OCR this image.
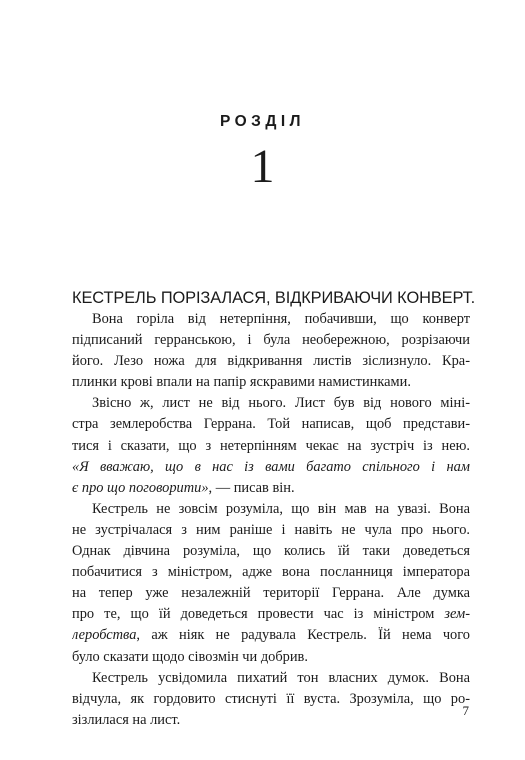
РОЗДІЛ
1
КЕСТРЕЛЬ ПОРІЗАЛАСЯ, ВІДКРИВАЮЧИ КОНВЕРТ.
Вона горіла від нетерпіння, побачивши, що конверт
підписаний герранською, і була необережною, розрізаючи
його. Лезо ножа для відкривання листів зіслизнуло. Кра-
плинки крові впали на папір яскравими намистинками.
Звісно ж, лист не від нього. Лист був від нового міні-
стра землеробства Геррана. Той написав, щоб представи-
тися і сказати, що з нетерпінням чекає на зустріч із нею.
«Я вважаю, що в нас із вами багато спільного і нам
є про що поговорити», — писав він.
Кестрель не зовсім розуміла, що він мав на увазі. Вона
не зустрічалася з ним раніше і навіть не чула про нього.
Однак дівчина розуміла, що колись їй таки доведеться
побачитися з міністром, адже вона посланниця імператора
на тепер уже незалежній території Геррана. Але думка
про те, що їй доведеться провести час із міністром зем-
леробства, аж ніяк не радувала Кестрель. Їй нема чого
було сказати щодо сівозмін чи добрив.
Кестрель усвідомила пихатий тон власних думок. Вона
відчула, як гордовито стиснуті її вуста. Зрозуміла, що ро-
зізлилася на лист.
7
